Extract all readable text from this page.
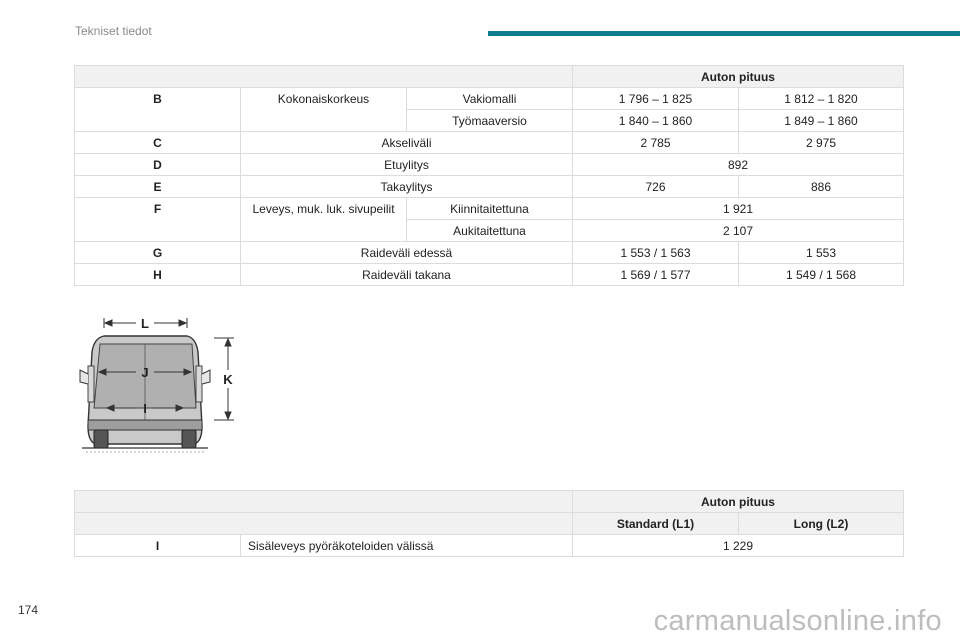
Tekniset tiedot
			Auton pituus	
B	Kokonaiskorkeus	Vakiomalli	1 796 – 1 825	1 812 – 1 820
		Työmaaversio	1 840 – 1 860	1 849 – 1 860
C	Akseliväli		2 785	2 975
D	Etuylitys		892	
E	Takaylitys		726	886
F	Leveys, muk. luk. sivupeilit	Kiinnitaitettuna	1 921	
		Aukitaitettuna	2 107	
G	Raideväli edessä		1 553 / 1 563	1 553
H	Raideväli takana		1 569 / 1 577	1 549 / 1 568
L
J
I
K
		Auton pituus	
		Standard (L1)	Long (L2)
I	Sisäleveys pyöräkoteloiden välissä	1 229	
174	carmanualsonline.info
